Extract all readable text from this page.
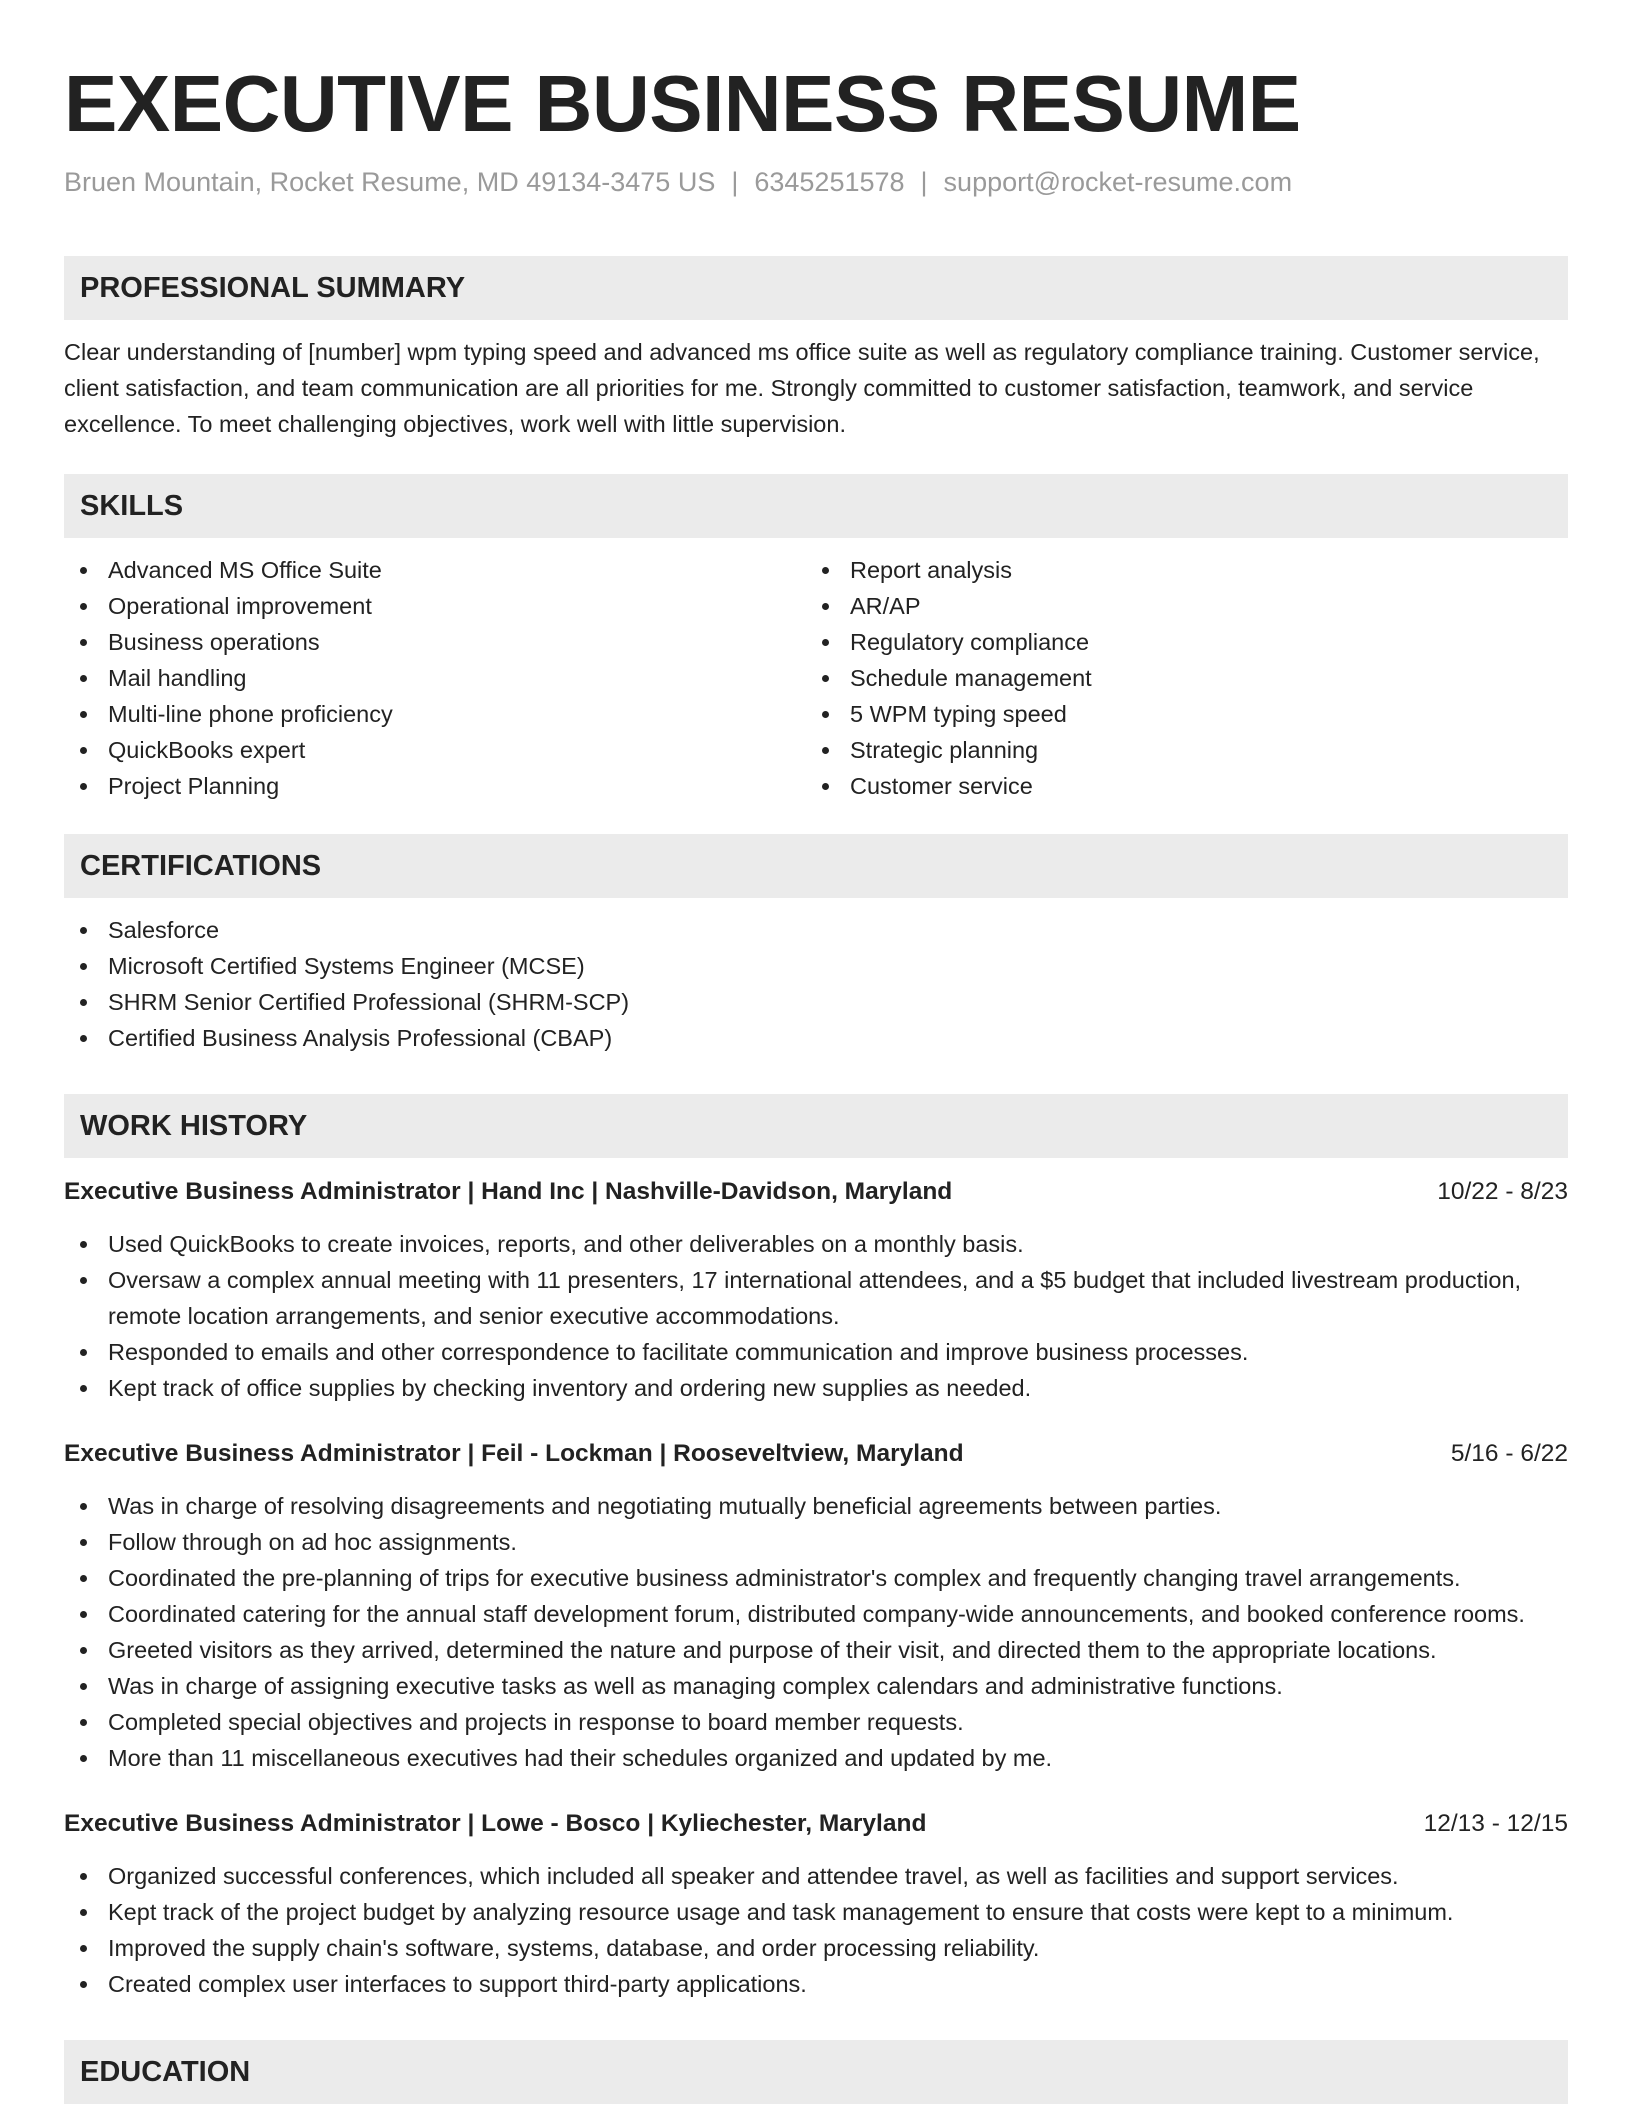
EXECUTIVE BUSINESS RESUME
Bruen Mountain, Rocket Resume, MD 49134-3475 US | 6345251578 | support@rocket-resume.com
PROFESSIONAL SUMMARY

Clear understanding of [number] wpm typing speed and advanced ms office suite as well as regulatory compliance training. Customer service, client satisfaction, and team communication are all priorities for me. Strongly committed to customer satisfaction, teamwork, and service excellence. To meet challenging objectives, work well with little supervision.

SKILLS
Advanced MS Office Suite
Operational improvement
Business operations
Mail handling
Multi-line phone proficiency
QuickBooks expert
Project Planning
Report analysis
AR/AP
Regulatory compliance
Schedule management
5 WPM typing speed
Strategic planning
Customer service
CERTIFICATIONS
Salesforce
Microsoft Certified Systems Engineer (MCSE)
SHRM Senior Certified Professional (SHRM-SCP)
Certified Business Analysis Professional (CBAP)
WORK HISTORY
Executive Business Administrator | Hand Inc | Nashville-Davidson, Maryland	10/22 - 8/23
Used QuickBooks to create invoices, reports, and other deliverables on a monthly basis.
Oversaw a complex annual meeting with 11 presenters, 17 international attendees, and a $5 budget that included livestream production, remote location arrangements, and senior executive accommodations.
Responded to emails and other correspondence to facilitate communication and improve business processes.
Kept track of office supplies by checking inventory and ordering new supplies as needed.
Executive Business Administrator | Feil - Lockman | Rooseveltview, Maryland	5/16 - 6/22
Was in charge of resolving disagreements and negotiating mutually beneficial agreements between parties.
Follow through on ad hoc assignments.
Coordinated the pre-planning of trips for executive business administrator's complex and frequently changing travel arrangements.
Coordinated catering for the annual staff development forum, distributed company-wide announcements, and booked conference rooms.
Greeted visitors as they arrived, determined the nature and purpose of their visit, and directed them to the appropriate locations.
Was in charge of assigning executive tasks as well as managing complex calendars and administrative functions.
Completed special objectives and projects in response to board member requests.
More than 11 miscellaneous executives had their schedules organized and updated by me.
Executive Business Administrator | Lowe - Bosco | Kyliechester, Maryland	12/13 - 12/15
Organized successful conferences, which included all speaker and attendee travel, as well as facilities and support services.
Kept track of the project budget by analyzing resource usage and task management to ensure that costs were kept to a minimum.
Improved the supply chain's software, systems, database, and order processing reliability.
Created complex user interfaces to support third-party applications.
EDUCATION
